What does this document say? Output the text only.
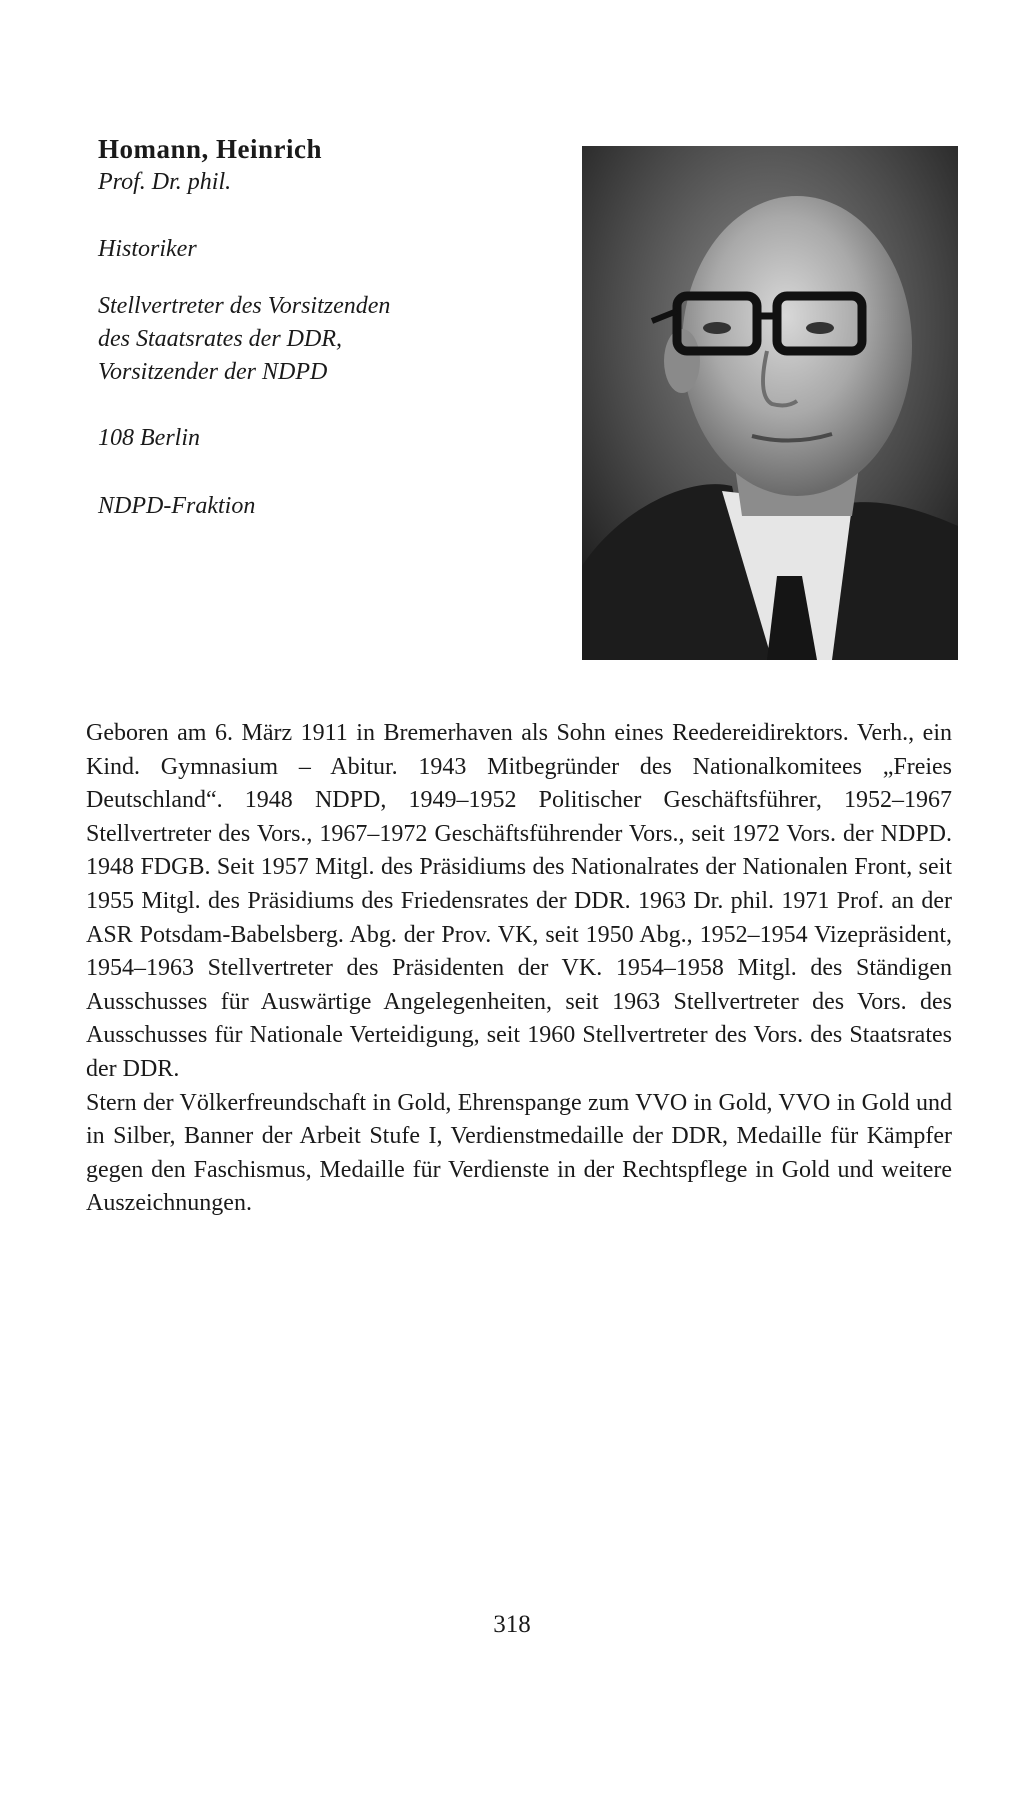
Homann, Heinrich
Prof. Dr. phil.
Historiker
Stellvertreter des Vorsitzenden
des Staatsrates der DDR,
Vorsitzender der NDPD
108 Berlin
NDPD-Fraktion

Geboren am 6. März 1911 in Bremerhaven als Sohn eines Reedereidirektors. Verh., ein Kind. Gymnasium – Abitur. 1943 Mitbegründer des Nationalkomitees „Freies Deutschland“. 1948 NDPD, 1949–1952 Politischer Geschäftsführer, 1952–1967 Stellvertreter des Vors., 1967–1972 Geschäftsführender Vors., seit 1972 Vors. der NDPD. 1948 FDGB. Seit 1957 Mitgl. des Präsidiums des Nationalrates der Nationalen Front, seit 1955 Mitgl. des Präsidiums des Friedensrates der DDR. 1963 Dr. phil. 1971 Prof. an der ASR Potsdam-Babelsberg. Abg. der Prov. VK, seit 1950 Abg., 1952–1954 Vizepräsident, 1954–1963 Stellvertreter des Präsidenten der VK. 1954–1958 Mitgl. des Ständigen Ausschusses für Auswärtige Angelegenheiten, seit 1963 Stellvertreter des Vors. des Ausschusses für Nationale Verteidigung, seit 1960 Stellvertreter des Vors. des Staatsrates der DDR.

Stern der Völkerfreundschaft in Gold, Ehrenspange zum VVO in Gold, VVO in Gold und in Silber, Banner der Arbeit Stufe I, Verdienstmedaille der DDR, Medaille für Kämpfer gegen den Faschismus, Medaille für Verdienste in der Rechtspflege in Gold und weitere Auszeichnungen.

318
